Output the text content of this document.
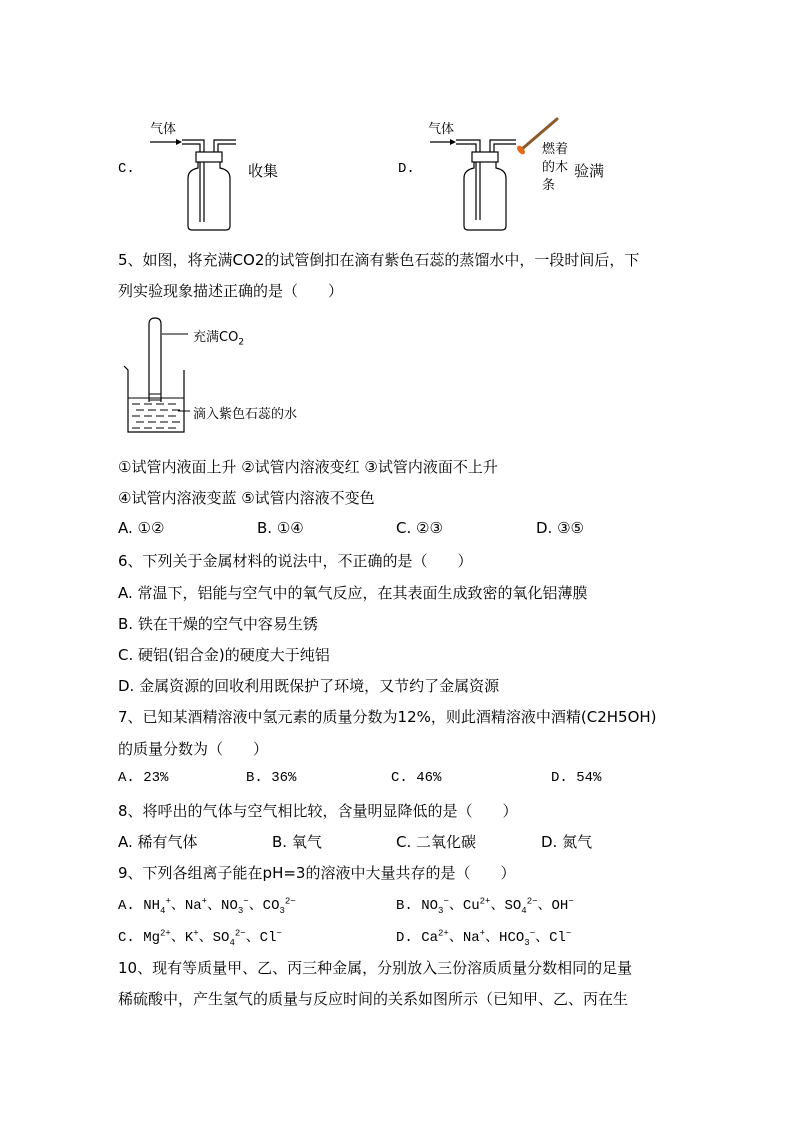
C.
气体
收集	D.
气体
燃着
的木
条
验满
5、如图，将充满CO2的试管倒扣在滴有紫色石蕊的蒸馏水中，一段时间后，下
列实验现象描述正确的是（　　）
充满$CO_2$
滴入紫色石蕊的水
①试管内液面上升 ②试管内溶液变红 ③试管内液面不上升
④试管内溶液变蓝 ⑤试管内溶液不变色
A. ①②	B. ①④	C. ②③	D. ③⑤
6、下列关于金属材料的说法中，不正确的是（　　）
A. 常温下，铝能与空气中的氧气反应，在其表面生成致密的氧化铝薄膜
B. 铁在干燥的空气中容易生锈
C. 硬铝(铝合金)的硬度大于纯铝
D. 金属资源的回收利用既保护了环境，又节约了金属资源
7、已知某酒精溶液中氢元素的质量分数为12%，则此酒精溶液中酒精(C2H5OH)
的质量分数为（　　）
A. 23%	B. 36%	C. 46%	D. 54%
8、将呼出的气体与空气相比较，含量明显降低的是（　　）
A. 稀有气体	B. 氧气	C. 二氧化碳	D. 氮气
9、下列各组离子能在pH=3的溶液中大量共存的是（　　）
A. $NH_4^+$、Na+、$NO_3^-$、$CO_3^{2-}$	B. $NO_3^-$、$Cu^{2+}$、$SO_4^{2-}$、OH−
C. $Mg^{2+}$、K+、$SO_4^{2-}$、Cl−	D. $Ca^{2+}$、Na+、$HCO_3^-$、Cl−
10、现有等质量甲、乙、丙三种金属，分别放入三份溶质质量分数相同的足量
稀硫酸中，产生氢气的质量与反应时间的关系如图所示（已知甲、乙、丙在生
